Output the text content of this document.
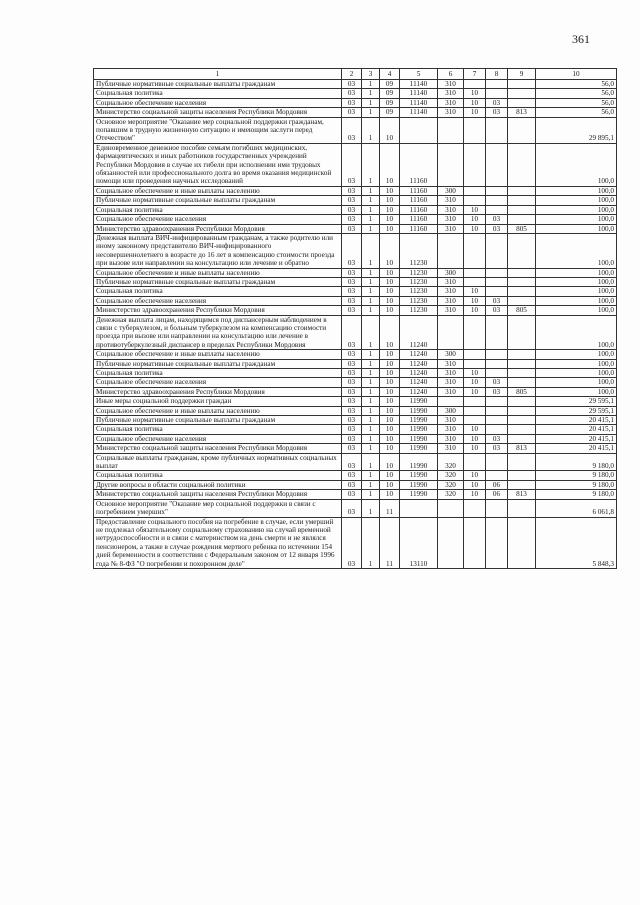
361
1	2	3	4	5	6	7	8	9	10
Публичные нормативные социальные выплаты гражданам	03	1	09	11140	310				56,0
Социальная политика	03	1	09	11140	310	10			56,0
Социальное обеспечение населения	03	1	09	11140	310	10	03		56,0
Министерство социальной защиты населения Республики Мордовия	03	1	09	11140	310	10	03	813	56,0
Основное мероприятие "Оказание мер социальной поддержки гражданам, попавшим в трудную жизненную ситуацию и имеющим заслуги перед Отечеством"	03	1	10						29 895,1
Единовременное денежное пособие семьям погибших медицинских, фармацевтических и иных работников государственных учреждений Республики Мордовия в случае их гибели при исполнении ими трудовых обязанностей или профессионального долга во время оказания медицинской помощи или проведения научных исследований	03	1	10	11160					100,0
Социальное обеспечение и иные выплаты населению	03	1	10	11160	300				100,0
Публичные нормативные социальные выплаты гражданам	03	1	10	11160	310				100,0
Социальная политика	03	1	10	11160	310	10			100,0
Социальное обеспечение населения	03	1	10	11160	310	10	03		100,0
Министерство здравоохранения Республики Мордовия	03	1	10	11160	310	10	03	805	100,0
Денежная выплата ВИЧ-инфицированным гражданам, а также родителю или иному законному представителю ВИЧ-инфицированного несовершеннолетнего в возрасте до 16 лет в компенсацию стоимости проезда при вызове или направлении на консультацию или лечение и обратно	03	1	10	11230					100,0
Социальное обеспечение и иные выплаты населению	03	1	10	11230	300				100,0
Публичные нормативные социальные выплаты гражданам	03	1	10	11230	310				100,0
Социальная политика	03	1	10	11230	310	10			100,0
Социальное обеспечение населения	03	1	10	11230	310	10	03		100,0
Министерство здравоохранения Республики Мордовия	03	1	10	11230	310	10	03	805	100,0
Денежная выплата лицам, находящимся под диспансерным наблюдением в связи с туберкулезом, и больным туберкулезом на компенсацию стоимости проезда при вызове или направлении на консультацию или лечение в противотуберкулезный диспансер в пределах Республики Мордовия	03	1	10	11240					100,0
Социальное обеспечение и иные выплаты населению	03	1	10	11240	300				100,0
Публичные нормативные социальные выплаты гражданам	03	1	10	11240	310				100,0
Социальная политика	03	1	10	11240	310	10			100,0
Социальное обеспечение населения	03	1	10	11240	310	10	03		100,0
Министерство здравоохранения Республики Мордовия	03	1	10	11240	310	10	03	805	100,0
Иные меры социальной поддержки граждан	03	1	10	11990					29 595,1
Социальное обеспечение и иные выплаты населению	03	1	10	11990	300				29 595,1
Публичные нормативные социальные выплаты гражданам	03	1	10	11990	310				20 415,1
Социальная политика	03	1	10	11990	310	10			20 415,1
Социальное обеспечение населения	03	1	10	11990	310	10	03		20 415,1
Министерство социальной защиты населения Республики Мордовия	03	1	10	11990	310	10	03	813	20 415,1
Социальные выплаты гражданам, кроме публичных нормативных социальных выплат	03	1	10	11990	320				9 180,0
Социальная политика	03	1	10	11990	320	10			9 180,0
Другие вопросы в области социальной политики	03	1	10	11990	320	10	06		9 180,0
Министерство социальной защиты населения Республики Мордовия	03	1	10	11990	320	10	06	813	9 180,0
Основное мероприятие "Оказание мер социальной поддержки в связи с погребением умерших"	03	1	11						6 061,8
Предоставление социального пособия на погребение в случае, если умерший не подлежал обязательному социальному страхованию на случай временной нетрудоспособности и в связи с материнством на день смерти и не являлся пенсионером, а также в случае рождения мертвого ребенка по истечении 154 дней беременности в соответствии с Федеральным законом от 12 января 1996 года № 8-ФЗ "О погребении и похоронном деле"	03	1	11	13110					5 848,3
